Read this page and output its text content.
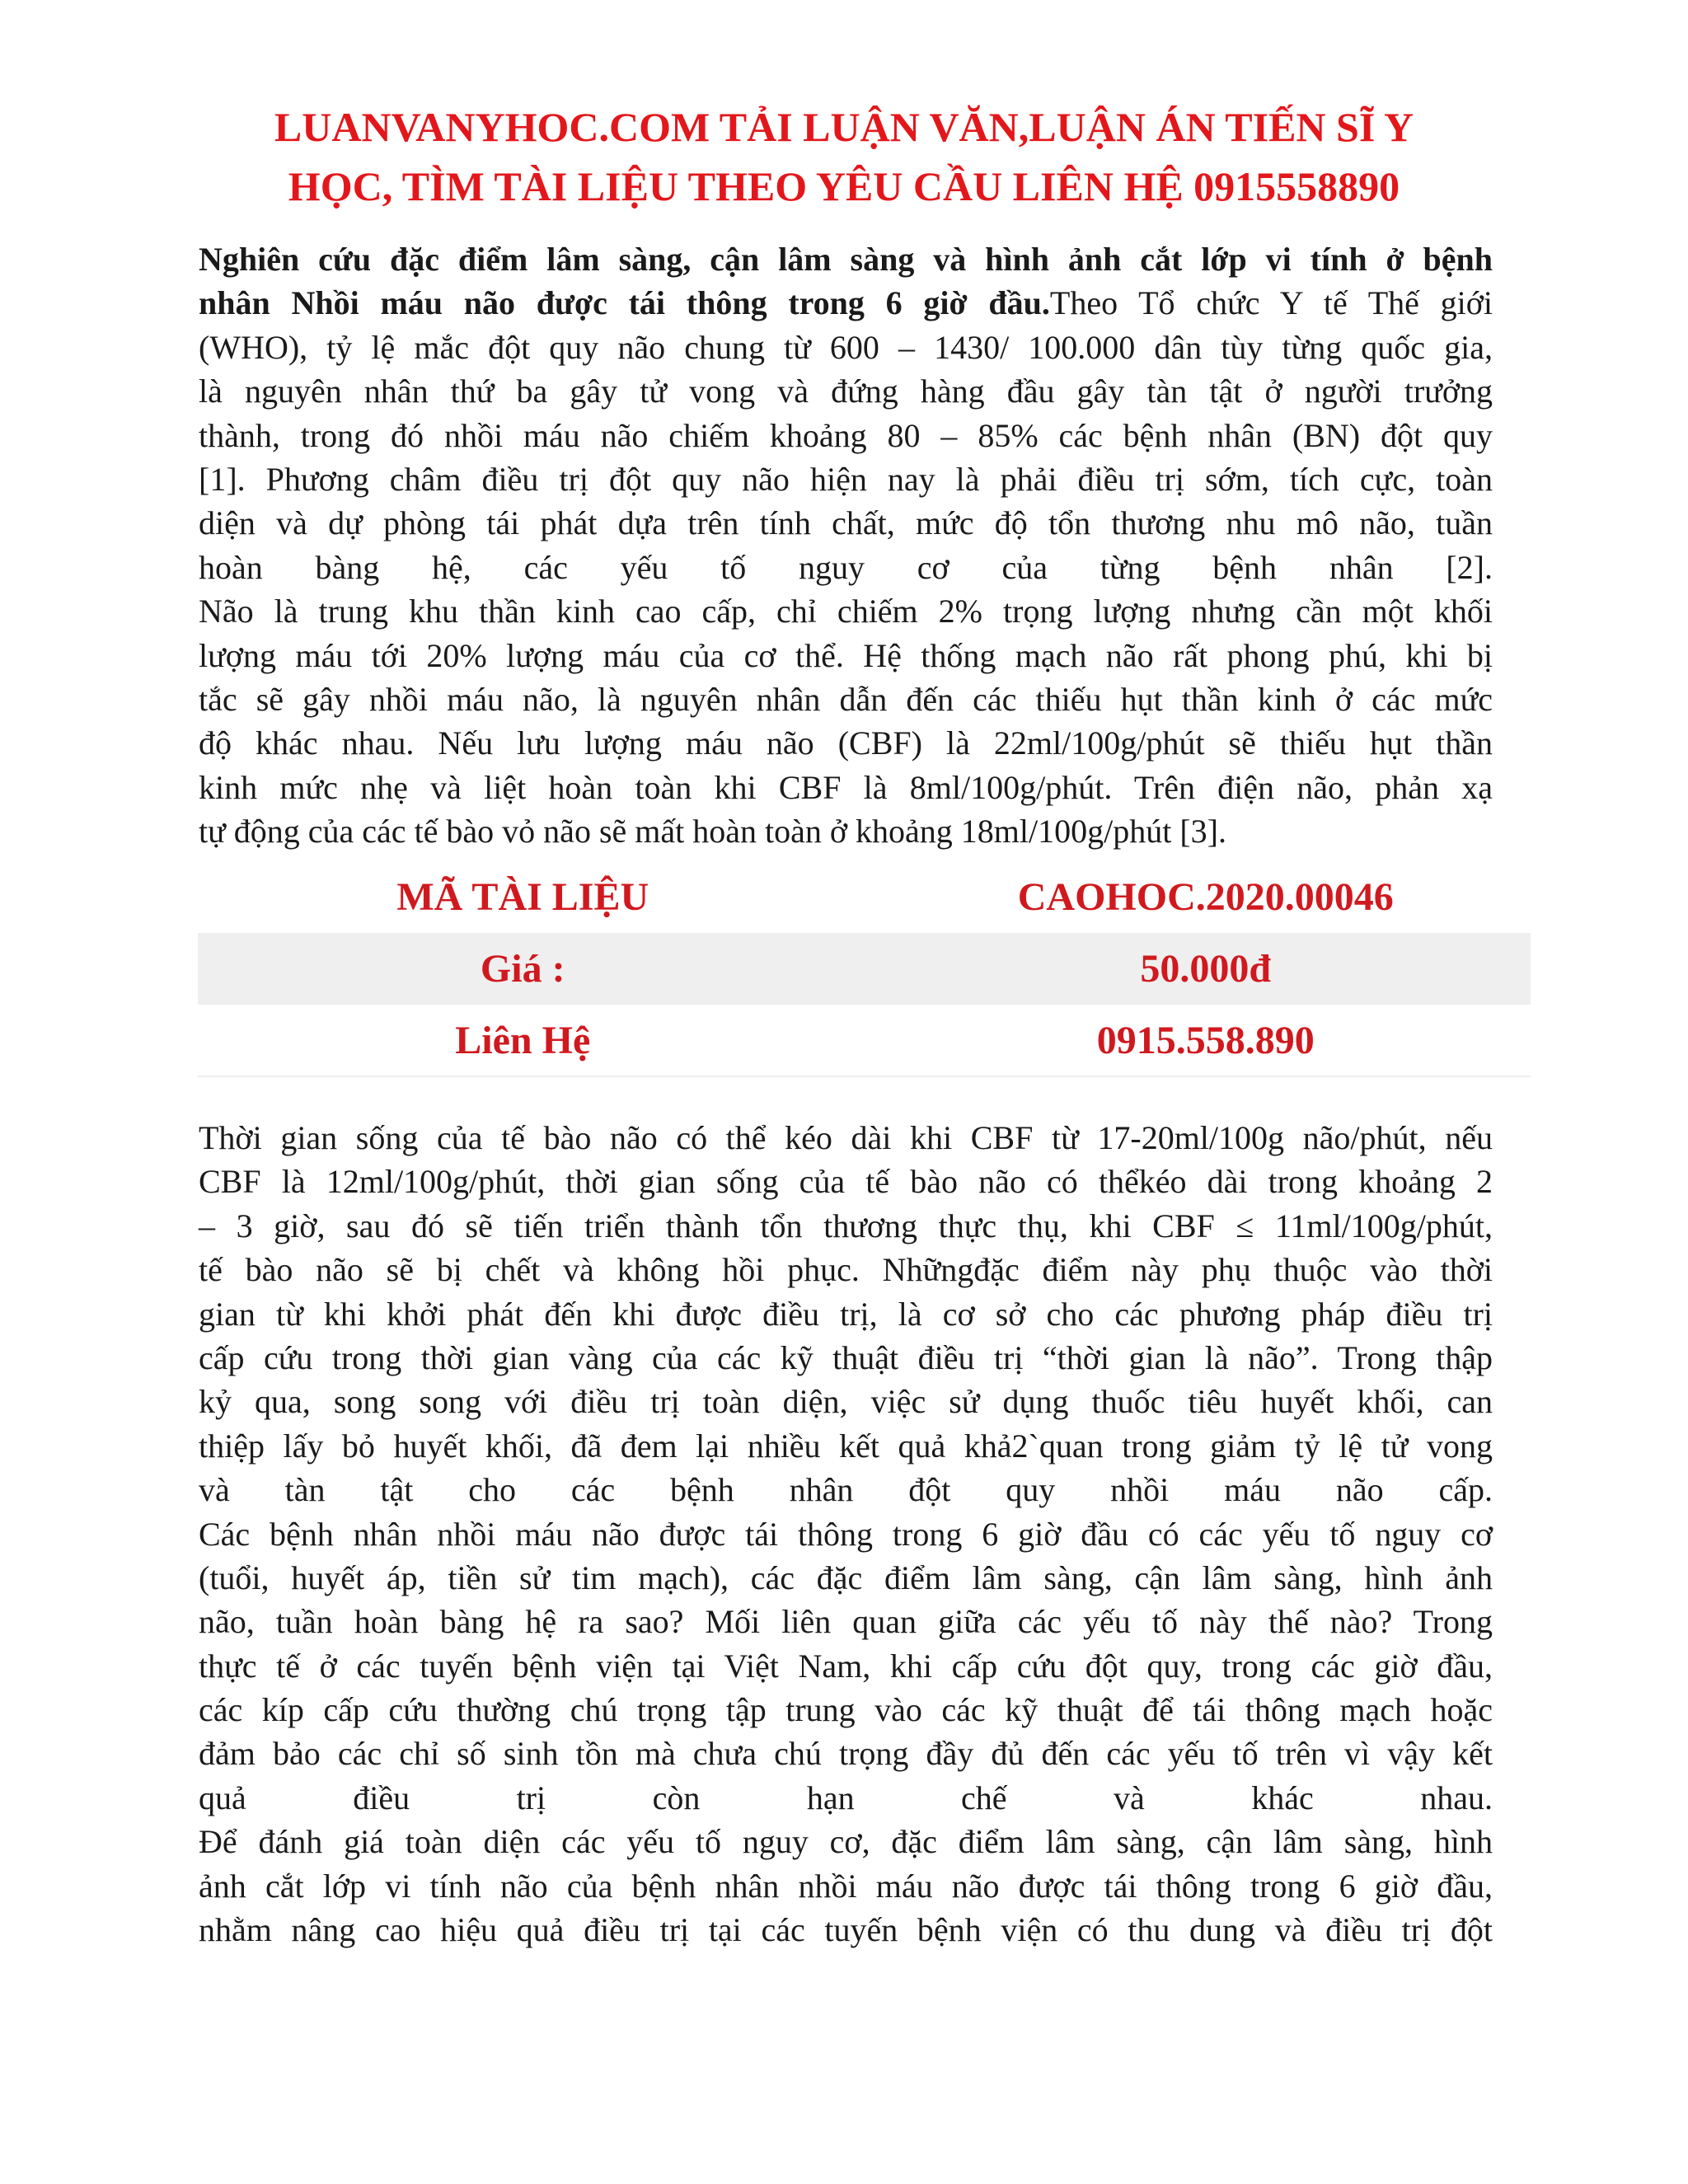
LUANVANYHOC.COM TẢI LUẬN VĂN,LUẬN ÁN TIẾN SĨ Y
HỌC, TÌM TÀI LIỆU THEO YÊU CẦU LIÊN HỆ 0915558890
Nghiên cứu đặc điểm lâm sàng, cận lâm sàng và hình ảnh cắt lớp vi tính ở bệnh
nhân Nhồi máu não được tái thông trong 6 giờ đầu.Theo Tổ chức Y tế Thế giới
(WHO), tỷ lệ mắc đột quy não chung từ 600 – 1430/ 100.000 dân tùy từng quốc gia,
là nguyên nhân thứ ba gây tử vong và đứng hàng đầu gây tàn tật ở người trưởng
thành, trong đó nhồi máu não chiếm khoảng 80 – 85% các bệnh nhân (BN) đột quy
[1]. Phương châm điều trị đột quy não hiện nay là phải điều trị sớm, tích cực, toàn
diện và dự phòng tái phát dựa trên tính chất, mức độ tổn thương nhu mô não, tuần
hoàn bàng hệ, các yếu tố nguy cơ của từng bệnh nhân [2].
Não là trung khu thần kinh cao cấp, chỉ chiếm 2% trọng lượng nhưng cần một khối
lượng máu tới 20% lượng máu của cơ thể. Hệ thống mạch não rất phong phú, khi bị
tắc sẽ gây nhồi máu não, là nguyên nhân dẫn đến các thiếu hụt thần kinh ở các mức
độ khác nhau. Nếu lưu lượng máu não (CBF) là 22ml/100g/phút sẽ thiếu hụt thần
kinh mức nhẹ và liệt hoàn toàn khi CBF là 8ml/100g/phút. Trên điện não, phản xạ
tự động của các tế bào vỏ não sẽ mất hoàn toàn ở khoảng 18ml/100g/phút [3].
MÃ TÀI LIỆU	CAOHOC.2020.00046
Giá :	50.000đ
Liên Hệ	0915.558.890
Thời gian sống của tế bào não có thể kéo dài khi CBF từ 17-20ml/100g não/phút, nếu
CBF là 12ml/100g/phút, thời gian sống của tế bào não có thểkéo dài trong khoảng 2
– 3 giờ, sau đó sẽ tiến triển thành tổn thương thực thụ, khi CBF ≤ 11ml/100g/phút,
tế bào não sẽ bị chết và không hồi phục. Nhữngđặc điểm này phụ thuộc vào thời
gian từ khi khởi phát đến khi được điều trị, là cơ sở cho các phương pháp điều trị
cấp cứu trong thời gian vàng của các kỹ thuật điều trị “thời gian là não”. Trong thập
kỷ qua, song song với điều trị toàn diện, việc sử dụng thuốc tiêu huyết khối, can
thiệp lấy bỏ huyết khối, đã đem lại nhiều kết quả khả2`quan trong giảm tỷ lệ tử vong
và tàn tật cho các bệnh nhân đột quy nhồi máu não cấp.
Các bệnh nhân nhồi máu não được tái thông trong 6 giờ đầu có các yếu tố nguy cơ
(tuổi, huyết áp, tiền sử tim mạch), các đặc điểm lâm sàng, cận lâm sàng, hình ảnh
não, tuần hoàn bàng hệ ra sao? Mối liên quan giữa các yếu tố này thế nào? Trong
thực tế ở các tuyến bệnh viện tại Việt Nam, khi cấp cứu đột quy, trong các giờ đầu,
các kíp cấp cứu thường chú trọng tập trung vào các kỹ thuật để tái thông mạch hoặc
đảm bảo các chỉ số sinh tồn mà chưa chú trọng đầy đủ đến các yếu tố trên vì vậy kết
quả điều trị còn hạn chế và khác nhau.
Để đánh giá toàn diện các yếu tố nguy cơ, đặc điểm lâm sàng, cận lâm sàng, hình
ảnh cắt lớp vi tính não của bệnh nhân nhồi máu não được tái thông trong 6 giờ đầu,
nhằm nâng cao hiệu quả điều trị tại các tuyến bệnh viện có thu dung và điều trị đột
